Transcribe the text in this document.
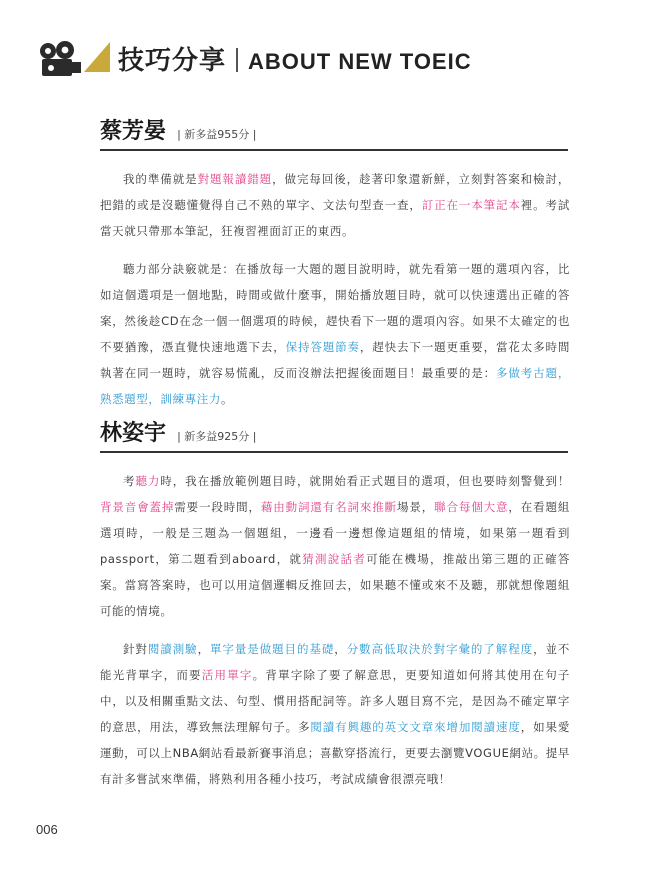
技巧分享 ABOUT NEW TOEIC
蔡芳晏 | 新多益955分 |

我的準備就是對題報讀錯題，做完每回後，趁著印象還新鮮，立刻對答案和檢討，把錯的或是沒聽懂覺得自己不熟的單字、文法句型查一查，訂正在一本筆記本裡。考試當天就只帶那本筆記，狂複習裡面訂正的東西。

聽力部分訣竅就是：在播放每一大題的題目說明時，就先看第一題的選項內容，比如這個選項是一個地點，時間或做什麼事，開始播放題目時，就可以快速選出正確的答案，然後趁CD在念一個一個選項的時候，趕快看下一題的選項內容。如果不太確定的也不要猶豫，憑直覺快速地選下去，保持答題節奏，趕快去下一題更重要，當花太多時間執著在同一題時，就容易慌亂，反而沒辦法把握後面題目！最重要的是：多做考古題，熟悉題型，訓練專注力。

林姿宇 | 新多益925分 |

考聽力時，我在播放範例題目時，就開始看正式題目的選項，但也要時刻警覺到！背景音會蓋掉需要一段時間，藉由動詞還有名詞來推斷場景，聯合每個大意，在看題組選項時，一般是三題為一個題組，一邊看一邊想像這題組的情境，如果第一題看到passport，第二題看到aboard，就猜測說話者可能在機場，推敲出第三題的正確答案。當寫答案時，也可以用這個邏輯反推回去，如果聽不懂或來不及聽，那就想像題組可能的情境。

針對閱讀測驗，單字量是做題目的基礎，分數高低取決於對字彙的了解程度，並不能光背單字，而要活用單字。背單字除了要了解意思，更要知道如何將其使用在句子中，以及相關重點文法、句型、慣用搭配詞等。許多人題目寫不完，是因為不確定單字的意思，用法，導致無法理解句子。多閱讀有興趣的英文文章來增加閱讀速度，如果愛運動，可以上NBA網站看最新賽事消息；喜歡穿搭流行，更要去瀏覽VOGUE網站。提早有計多嘗試來準備，將熟利用各種小技巧，考試成績會很漂亮哦！

006
